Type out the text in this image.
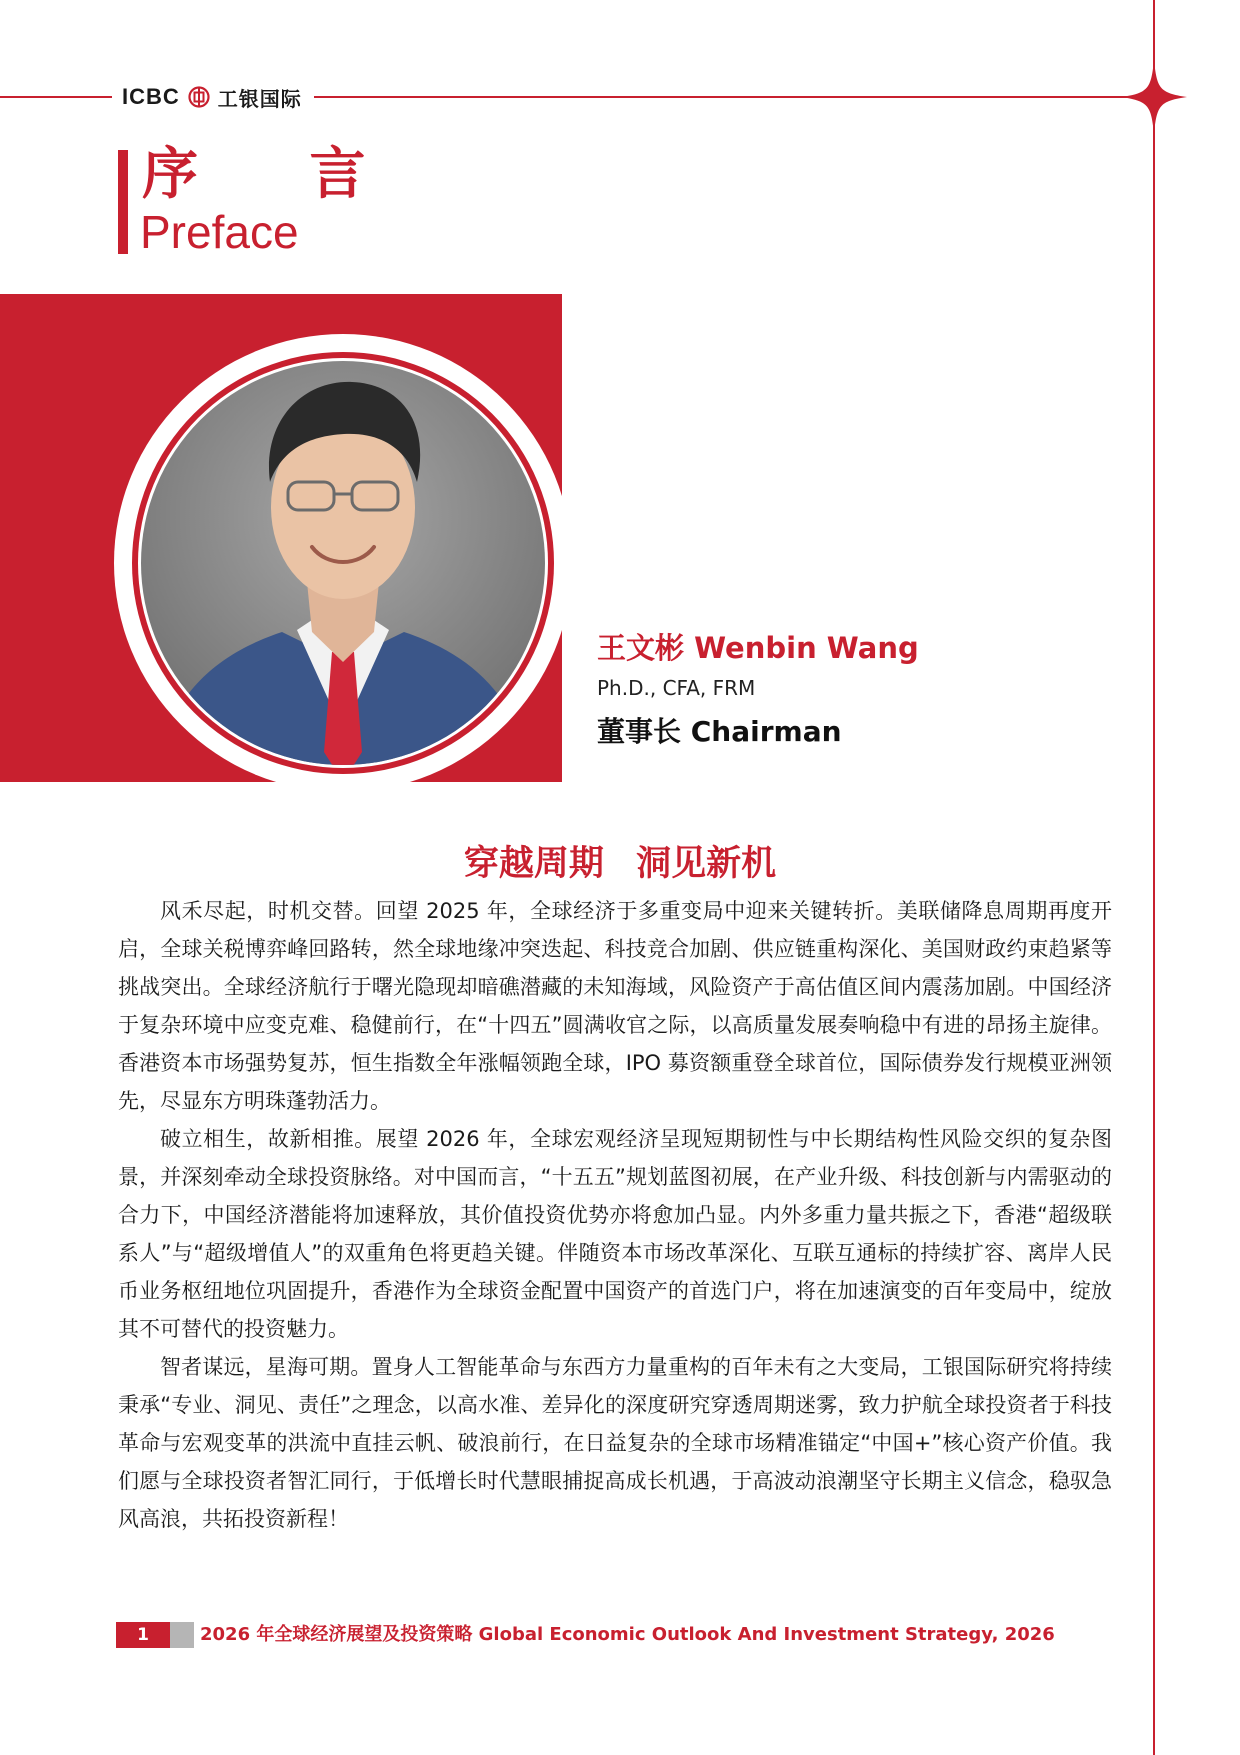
ICBC 工银国际
序 言
Preface
王文彬 Wenbin Wang
Ph.D., CFA, FRM
董事长 Chairman
穿越周期 洞见新机

风禾尽起，时机交替。回望 2025 年，全球经济于多重变局中迎来关键转折。美联储降息周期再度开启，全球关税博弈峰回路转，然全球地缘冲突迭起、科技竞合加剧、供应链重构深化、美国财政约束趋紧等挑战突出。全球经济航行于曙光隐现却暗礁潜藏的未知海域，风险资产于高估值区间内震荡加剧。中国经济于复杂环境中应变克难、稳健前行，在“十四五”圆满收官之际，以高质量发展奏响稳中有进的昂扬主旋律。香港资本市场强势复苏，恒生指数全年涨幅领跑全球，IPO 募资额重登全球首位，国际债券发行规模亚洲领先，尽显东方明珠蓬勃活力。

破立相生，故新相推。展望 2026 年，全球宏观经济呈现短期韧性与中长期结构性风险交织的复杂图景，并深刻牵动全球投资脉络。对中国而言，“十五五”规划蓝图初展，在产业升级、科技创新与内需驱动的合力下，中国经济潜能将加速释放，其价值投资优势亦将愈加凸显。内外多重力量共振之下，香港“超级联系人”与“超级增值人”的双重角色将更趋关键。伴随资本市场改革深化、互联互通标的持续扩容、离岸人民币业务枢纽地位巩固提升，香港作为全球资金配置中国资产的首选门户，将在加速演变的百年变局中，绽放其不可替代的投资魅力。

智者谋远，星海可期。置身人工智能革命与东西方力量重构的百年未有之大变局，工银国际研究将持续秉承“专业、洞见、责任”之理念，以高水准、差异化的深度研究穿透周期迷雾，致力护航全球投资者于科技革命与宏观变革的洪流中直挂云帆、破浪前行，在日益复杂的全球市场精准锚定“中国+”核心资产价值。我们愿与全球投资者智汇同行，于低增长时代慧眼捕捉高成长机遇，于高波动浪潮坚守长期主义信念，稳驭急风高浪，共拓投资新程！

1	2026 年全球经济展望及投资策略 Global Economic Outlook And Investment Strategy, 2026
